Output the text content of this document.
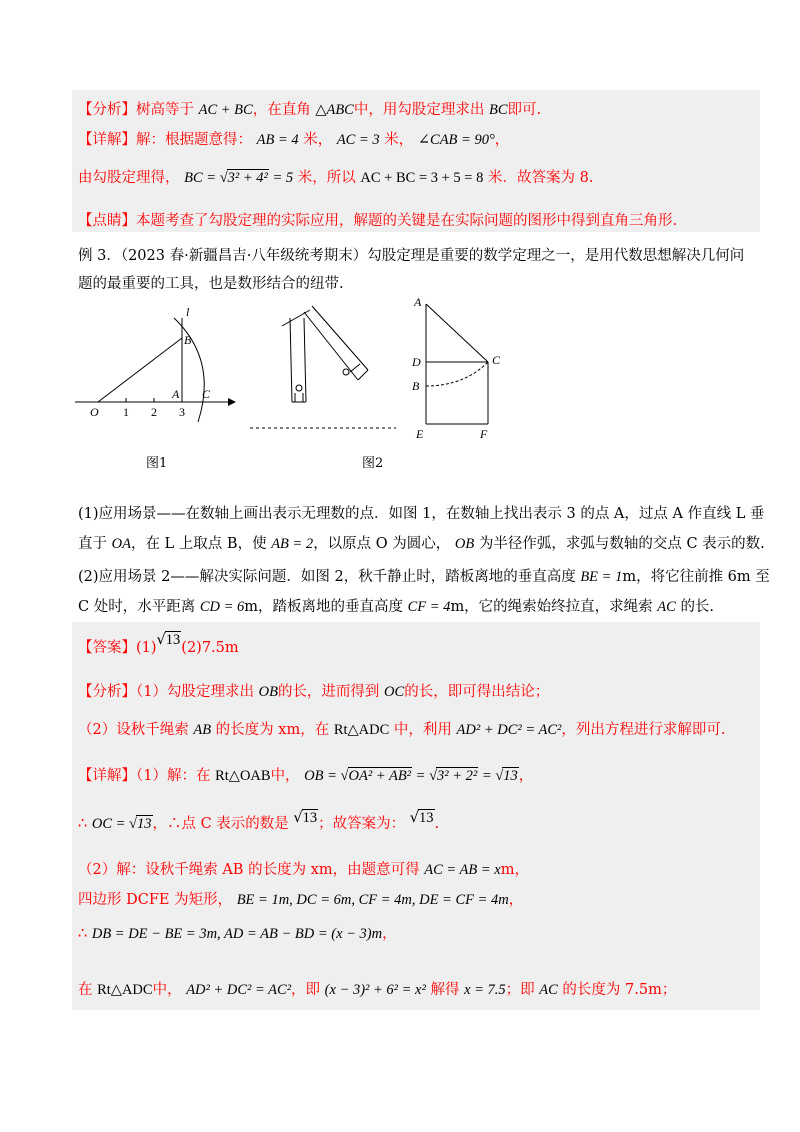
【分析】树高等于 AC + BC，在直角 △ABC中，用勾股定理求出 BC即可.
【详解】解：根据题意得： AB = 4 米， AC = 3 米， ∠CAB = 90°，
由勾股定理得， BC = √3² + 4² = 5 米，所以 AC + BC = 3 + 5 = 8 米．故答案为 8.
【点睛】本题考查了勾股定理的实际应用，解题的关键是在实际问题的图形中得到直角三角形.
例 3．（2023 春·新疆昌吉·八年级统考期末）勾股定理是重要的数学定理之一，是用代数思想解决几何问
题的最重要的工具，也是数形结合的纽带.
l
B
O 1 2
A
3
C
图1	图2
A
D	C
B
E	F
(1)应用场景——在数轴上画出表示无理数的点．如图 1，在数轴上找出表示 3 的点 A，过点 A 作直线 L 垂
直于 OA，在 L 上取点 B，使 AB = 2，以原点 O 为圆心， OB 为半径作弧，求弧与数轴的交点 C 表示的数.
(2)应用场景 2——解决实际问题．如图 2，秋千静止时，踏板离地的垂直高度 BE = 1m，将它往前推 6m 至
C 处时，水平距离 CD = 6m，踏板离地的垂直高度 CF = 4m，它的绳索始终拉直，求绳索 AC 的长.
【答案】(1)√13(2)7.5m
【分析】（1）勾股定理求出 OB的长，进而得到 OC的长，即可得出结论；
（2）设秋千绳索 AB 的长度为 xm，在 Rt△ADC 中，利用 AD² + DC² = AC²，列出方程进行求解即可.
【详解】（1）解：在 Rt△OAB中， OB = √OA² + AB² = √3² + 2² = √13，
∴ OC = √13，∴点 C 表示的数是 √13；故答案为： √13.
（2）解：设秋千绳索 AB 的长度为 xm，由题意可得 AC = AB = xm，
四边形 DCFE 为矩形， BE = 1m, DC = 6m, CF = 4m, DE = CF = 4m，
∴ DB = DE − BE = 3m, AD = AB − BD = (x − 3)m，
在 Rt△ADC中， AD² + DC² = AC²，即 (x − 3)² + 6² = x² 解得 x = 7.5；即 AC 的长度为 7.5m；
